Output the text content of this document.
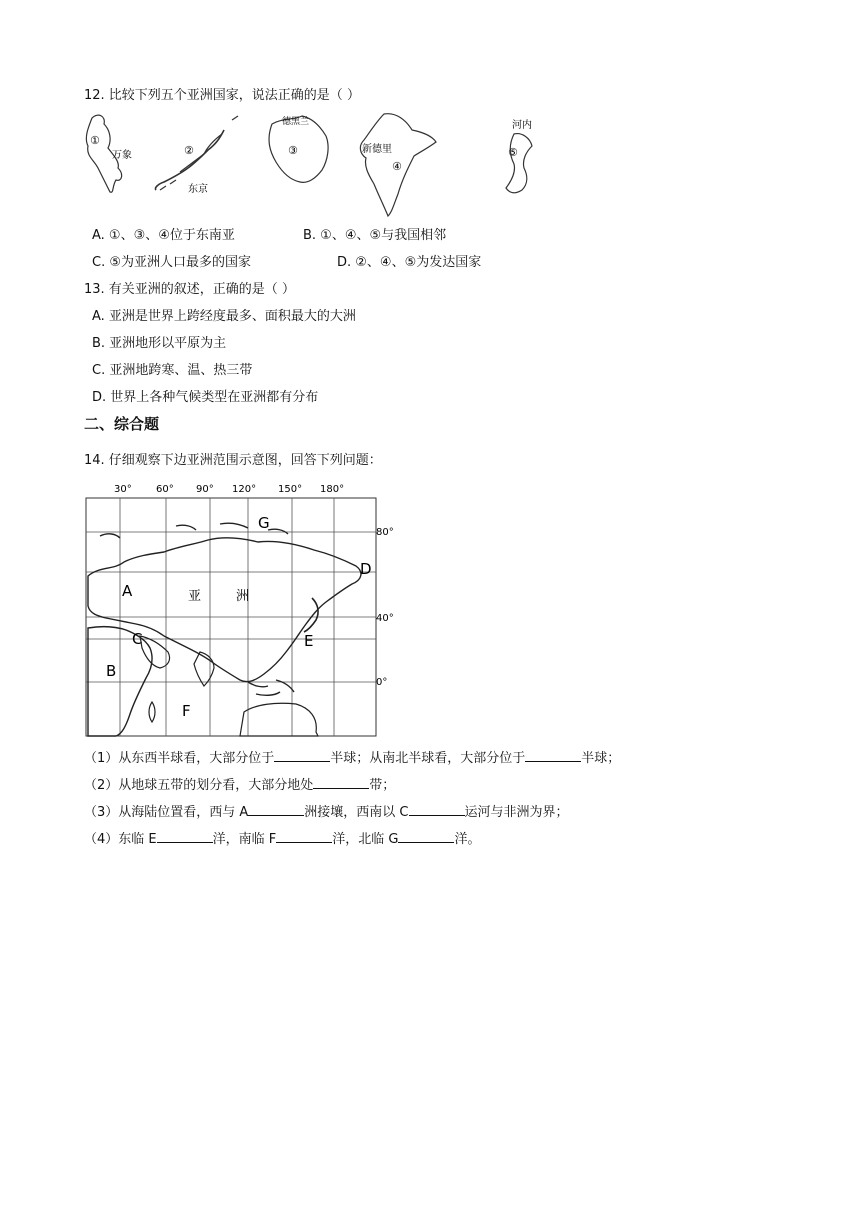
12. 比较下列五个亚洲国家，说法正确的是（ ）
①
万象	②
东京
德黑兰
③	新德里
④
河内
⑤
A. ①、③、④位于东南亚	B. ①、④、⑤与我国相邻
C. ⑤为亚洲人口最多的国家	D. ②、④、⑤为发达国家
13. 有关亚洲的叙述，正确的是（ ）
A. 亚洲是世界上跨经度最多、面积最大的大洲
B. 亚洲地形以平原为主
C. 亚洲地跨寒、温、热三带
D. 世界上各种气候类型在亚洲都有分布
二、综合题
14. 仔细观察下边亚洲范围示意图，回答下列问题：
30° 60° 90° 120° 150° 180°
80°
40°
0°
G
A
B
C
D
E
F
亚	洲
（1）从东西半球看，大部分位于	半球；从南北半球看，大部分位于	半球；
（2）从地球五带的划分看，大部分地处	带；
（3）从海陆位置看，西与 A	洲接壤，西南以 C	运河与非洲为界；
（4）东临 E	洋，南临 F	洋，北临 G	洋。
